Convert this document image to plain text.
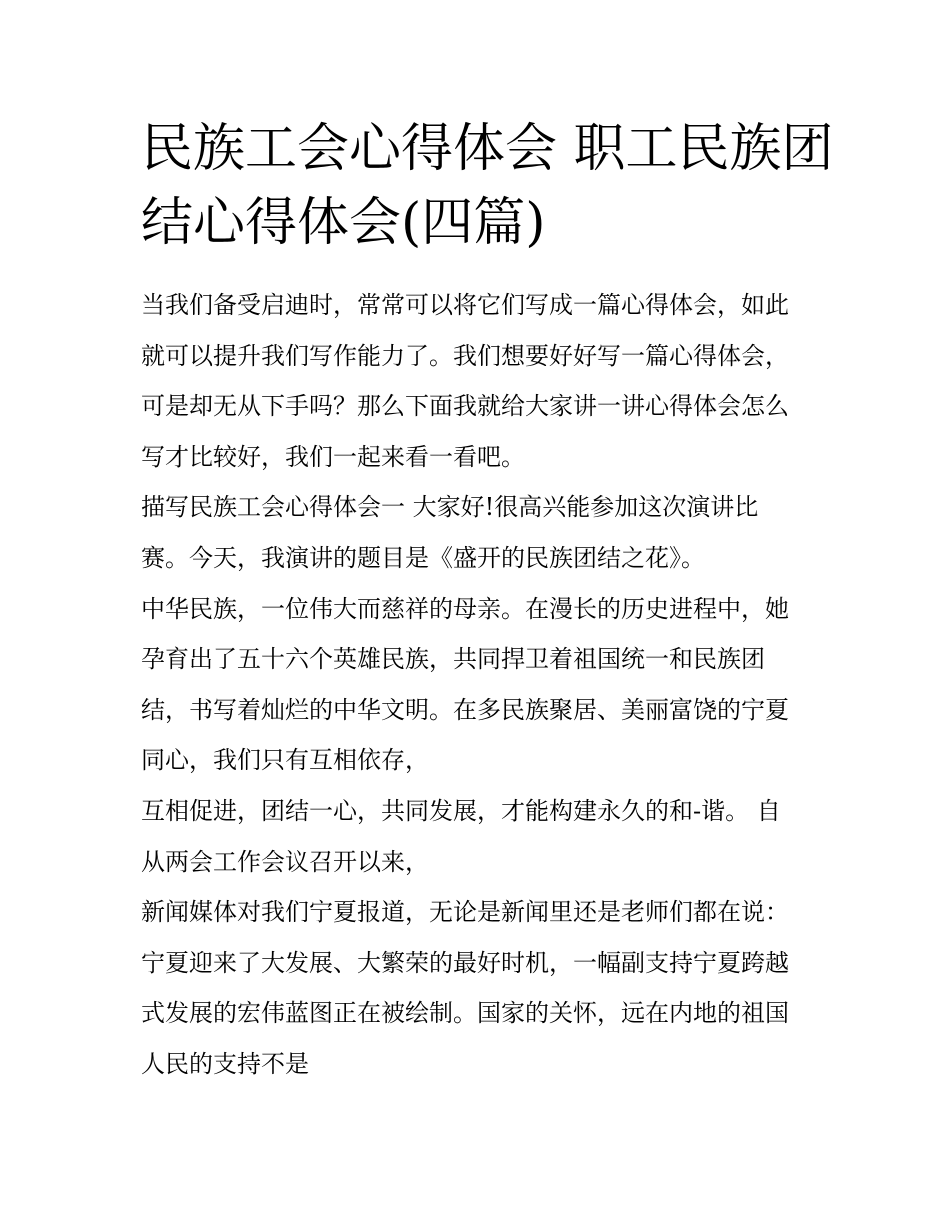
民族工会心得体会 职工民族团
结心得体会(四篇)
当我们备受启迪时，常常可以将它们写成一篇心得体会，如此
就可以提升我们写作能力了。我们想要好好写一篇心得体会，
可是却无从下手吗？那么下面我就给大家讲一讲心得体会怎么
写才比较好，我们一起来看一看吧。
描写民族工会心得体会一 大家好!很高兴能参加这次演讲比
赛。今天，我演讲的题目是《盛开的民族团结之花》。
中华民族，一位伟大而慈祥的母亲。在漫长的历史进程中，她
孕育出了五十六个英雄民族，共同捍卫着祖国统一和民族团
结，书写着灿烂的中华文明。在多民族聚居、美丽富饶的宁夏
同心，我们只有互相依存，
互相促进，团结一心，共同发展，才能构建永久的和-谐。 自
从两会工作会议召开以来，
新闻媒体对我们宁夏报道，无论是新闻里还是老师们都在说：
宁夏迎来了大发展、大繁荣的最好时机，一幅副支持宁夏跨越
式发展的宏伟蓝图正在被绘制。国家的关怀，远在内地的祖国
人民的支持不是
